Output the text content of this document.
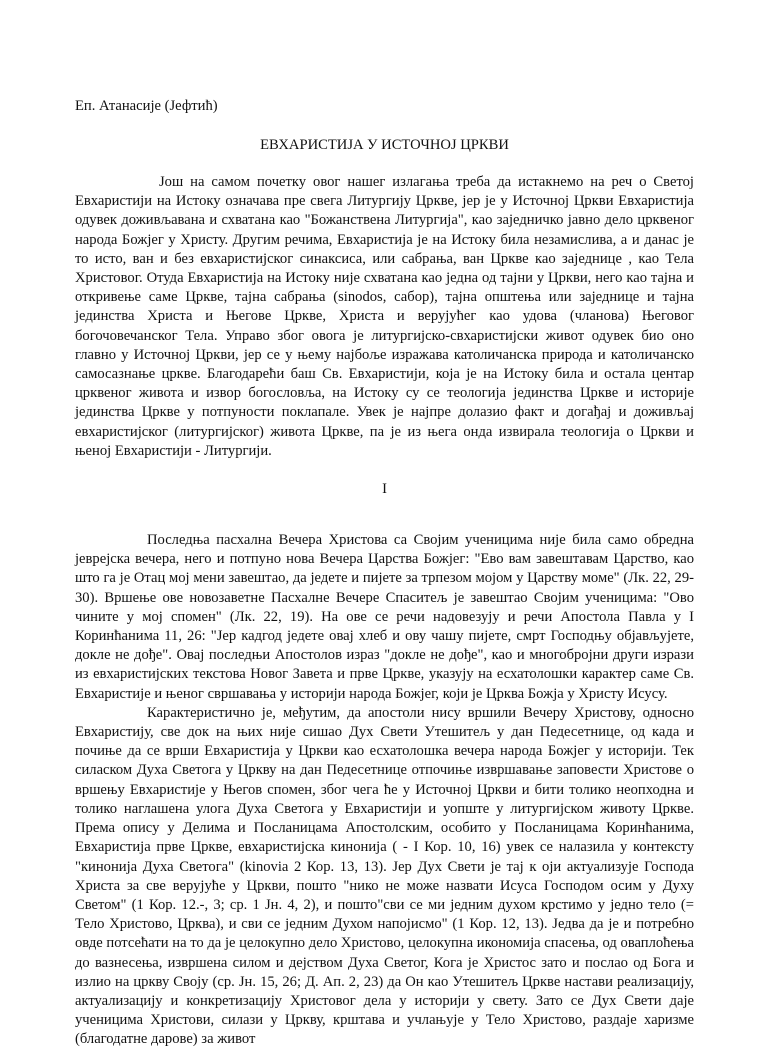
Еп. Атанасије (Јефтић)
ЕВХАРИСТИЈА У ИСТОЧНОЈ ЦРКВИ

Још на самом почетку овог нашег излагања треба да истакнемо на реч о Светој Евхаристији на Истоку означава пре свега Литургију Цркве, јер је у Источној Цркви Евхаристија одувек доживљавана и схватана као "Божанствена Литургија", као заједничко јавно дело црквеног народа Божјег у Христу. Другим речима, Евхаристија је на Истоку била незамислива, а и данас је то исто, ван и без евхаристијског синаксиса, или сабрања, ван Цркве као заједнице , као Тела Христовог. Отуда Евхаристија на Истоку није схватана као једна од тајни у Цркви, него као тајна и откривење саме Цркве, тајна сабрања (sinodos, сабор), тајна општења или заједнице и тајна јединства Христа и Његове Цркве, Христа и верујућег као удова (чланова) Његовог богочовечанског Тела. Управо због овога је литургијско-свхаристијски живот одувек био оно главно у Источној Цркви, јер се у њему најбоље изражава католичанска природа и католичанско самосазнање цркве. Благодарећи баш Св. Евхаристији, која је на Истоку била и остала центар црквеног живота и извор богословља, на Истоку су се теологија јединства Цркве и историје јединства Цркве у потпуности поклапале. Увек је најпре долазио факт и догађај и доживљај евхаристијског (литургијског) живота Цркве, па је из њега онда извирала теологија о Цркви и њеној Евхаристији - Литургији.

I

Последња пасхална Вечера Христова са Својим ученицима није била само обредна јеврејска вечера, него и потпуно нова Вечера Царства Божјег: "Ево вам завештавам Царство, као што га је Отац мој мени завештао, да једете и пијете за трпезом мојом у Царству моме" (Лк. 22, 29-30). Вршење ове новозаветне Пасхалне Вечере Спаситељ је завештао Својим ученицима: "Ово чините у мој спомен" (Лк. 22, 19). На ове се речи надовезују и речи Апостола Павла у I Коринћанима 11, 26: "Јер кадгод једете овај хлеб и ову чашу пијете, смрт Господњу објављујете, докле не дође". Овај последњи Апостолов израз "докле не дође", као и многобројни други изрази из евхаристијских текстова Новог Завета и прве Цркве, указују на есхатолошки карактер саме Св. Евхаристије и њеног свршавања у историји народа Божјег, који је Црква Божја у Христу Исусу.

Карактеристично је, међутим, да апостоли нису вршили Вечеру Христову, односно Евхаристију, све док на њих није сишао Дух Свети Утешитељ у дан Педесетнице, од када и почиње да се врши Евхаристија у Цркви као есхатолошка вечера народа Божјег у историји. Тек силаском Духа Светога у Цркву на дан Педесетнице отпочиње извршавање заповести Христове о вршењу Евхаристије у Његов спомен, због чега ће у Источној Цркви и бити толико неопходна и толико наглашена улога Духа Светога у Евхаристији и уопште у литургијском животу Цркве. Према опису у Делима и Посланицама Апостолским, особито у Посланицама Коринћанима, Евхаристија прве Цркве, евхаристијска кинонија ( - I Кор. 10, 16) увек се налазила у контексту "кинонија Духа Светога" (kinovia 2 Кор. 13, 13). Јер Дух Свети је тај к оји актуализује Господа Христа за све верујуће у Цркви, пошто "нико не може назвати Исуса Господом осим у Духу Светом" (1 Кор. 12.-, 3; ср. 1 Јн. 4, 2), и пошто"сви се ми једним духом крстимо у једно тело (= Тело Христово, Црква), и сви се једним Духом напојисмо" (1 Кор. 12, 13). Једва да је и потребно овде потсећати на то да је целокупно дело Христово, целокупна икономија спасења, од оваплоћења до вазнесења, извршена силом и дејством Духа Светог, Кога је Христос зато и послао од Бога и излио на цркву Своју (ср. Јн. 15, 26; Д. Ап. 2, 23) да Он као Утешитељ Цркве настави реализацију, актуализацију и конкретизацију Христовог дела у историји у свету. Зато се Дух Свети даје ученицима Христови, силази у Цркву, крштава и учлањује у Тело Христово, раздаје харизме (благодатне дарове) за живот
